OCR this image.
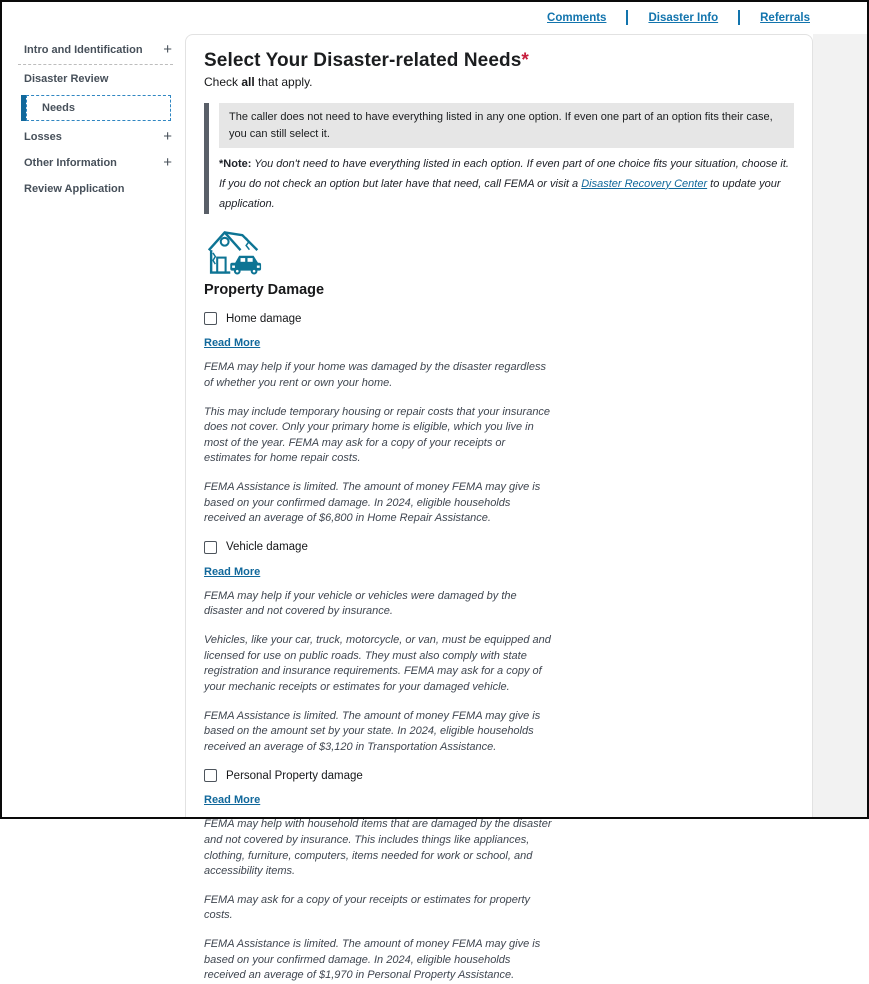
Comments	Disaster Info	Referrals
Intro and Identification +
Disaster Review
Needs
Losses	+
Other Information	+
Review Application
Select Your Disaster-related Needs*

Check all that apply.

The caller does not need to have everything listed in any one option. If even one part of an option fits their case, you can still select it.

*Note: You don't need to have everything listed in each option. If even part of one choice fits your situation, choose it. If you do not check an option but later have that need, call FEMA or visit a Disaster Recovery Center to update your application.

Property Damage
Home damage
Read More

FEMA may help if your home was damaged by the disaster regardless of whether you rent or own your home.

This may include temporary housing or repair costs that your insurance does not cover. Only your primary home is eligible, which you live in most of the year. FEMA may ask for a copy of your receipts or estimates for home repair costs.

FEMA Assistance is limited. The amount of money FEMA may give is based on your confirmed damage. In 2024, eligible households received an average of $6,800 in Home Repair Assistance.

Vehicle damage
Read More

FEMA may help if your vehicle or vehicles were damaged by the disaster and not covered by insurance.

Vehicles, like your car, truck, motorcycle, or van, must be equipped and licensed for use on public roads. They must also comply with state registration and insurance requirements. FEMA may ask for a copy of your mechanic receipts or estimates for your damaged vehicle.

FEMA Assistance is limited. The amount of money FEMA may give is based on the amount set by your state. In 2024, eligible households received an average of $3,120 in Transportation Assistance.

Personal Property damage
Read More

FEMA may help with household items that are damaged by the disaster and not covered by insurance. This includes things like appliances, clothing, furniture, computers, items needed for work or school, and accessibility items.

FEMA may ask for a copy of your receipts or estimates for property costs.

FEMA Assistance is limited. The amount of money FEMA may give is based on your confirmed damage. In 2024, eligible households received an average of $1,970 in Personal Property Assistance.
